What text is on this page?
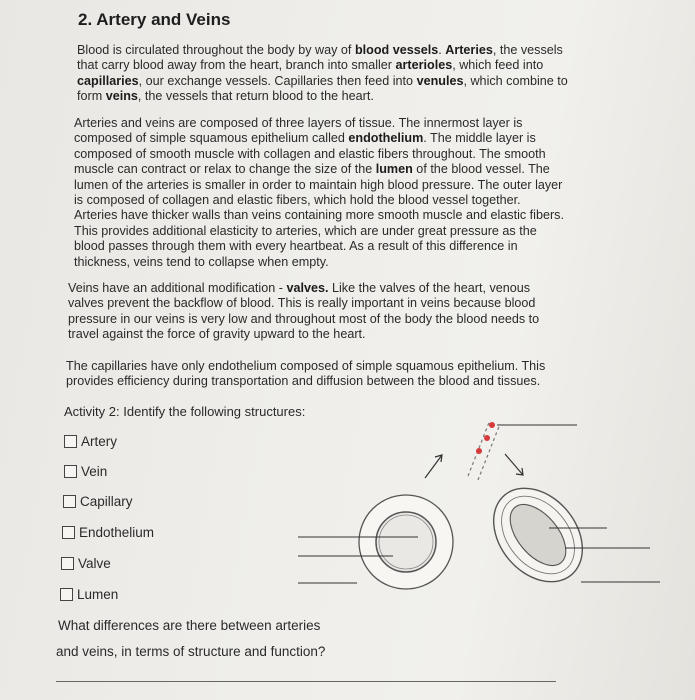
2. Artery and Veins
Blood is circulated throughout the body by way of blood vessels. Arteries, the vessels
that carry blood away from the heart, branch into smaller arterioles, which feed into
capillaries, our exchange vessels. Capillaries then feed into venules, which combine to
form veins, the vessels that return blood to the heart.
Arteries and veins are composed of three layers of tissue. The innermost layer is
composed of simple squamous epithelium called endothelium. The middle layer is
composed of smooth muscle with collagen and elastic fibers throughout. The smooth
muscle can contract or relax to change the size of the lumen of the blood vessel. The
lumen of the arteries is smaller in order to maintain high blood pressure. The outer layer
is composed of collagen and elastic fibers, which hold the blood vessel together.
Arteries have thicker walls than veins containing more smooth muscle and elastic fibers.
This provides additional elasticity to arteries, which are under great pressure as the
blood passes through them with every heartbeat. As a result of this difference in
thickness, veins tend to collapse when empty.
Veins have an additional modification - valves. Like the valves of the heart, venous
valves prevent the backflow of blood. This is really important in veins because blood
pressure in our veins is very low and throughout most of the body the blood needs to
travel against the force of gravity upward to the heart.
The capillaries have only endothelium composed of simple squamous epithelium. This
provides efficiency during transportation and diffusion between the blood and tissues.
Activity 2: Identify the following structures:
Artery
Vein
Capillary
Endothelium
Valve
Lumen
What differences are there between arteries
and veins, in terms of structure and function?
